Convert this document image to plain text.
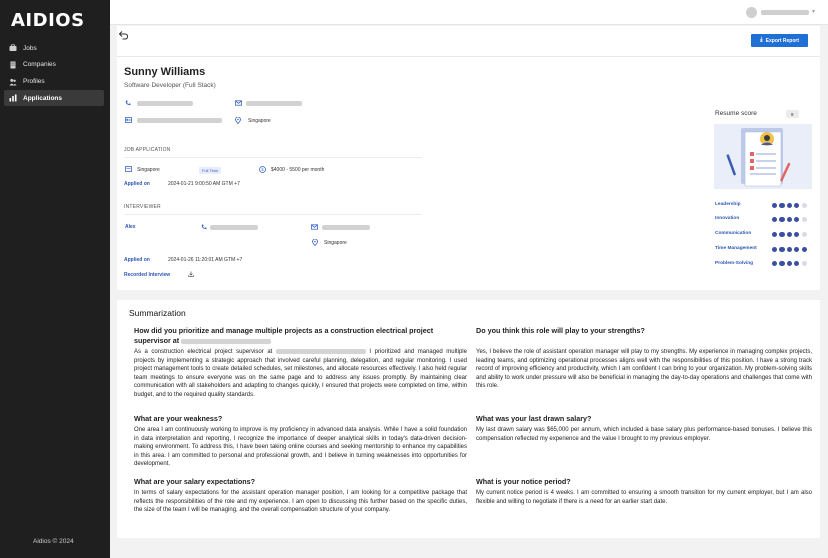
AIDIOS
Jobs
Companies
Profiles
Applications
Aidios © 2024
▼
⤓ Export Report
Sunny Williams
Software Developer (Full Stack)
Singapore
JOB APPLICATION
Singapore	Full Time	$ $4000 - 5500 per month
Applied on	2024-01-21 9:00:50 AM GTM +7
INTERVIEWER
Alex
Singapore
Applied on	2024-01-26 11:20:01 AM GTM +7
Recorded Interview
Resume score	9
Leadership
Innovation
Communication
Time Management
Problem-Solving
Summarization
How did you prioritize and manage multiple projects as a construction electrical project supervisor at
As a construction electrical project supervisor at	I prioritized and managed multiple projects by implementing a strategic approach that involved careful planning, delegation, and regular monitoring. I used project management tools to create detailed schedules, set milestones, and allocate resources effectively. I also held regular team meetings to ensure everyone was on the same page and to address any issues promptly. By maintaining clear communication with all stakeholders and adapting to changes quickly, I ensured that projects were completed on time, within budget, and to the required quality standards.
What are your weakness?
One area I am continuously working to improve is my proficiency in advanced data analysis. While I have a solid foundation in data interpretation and reporting, I recognize the importance of deeper analytical skills in today's data-driven decision-making environment. To address this, I have been taking online courses and seeking mentorship to enhance my capabilities in this area. I am committed to personal and professional growth, and I believe in turning weaknesses into opportunities for development.
What are your salary expectations?
In terms of salary expectations for the assistant operation manager position, I am looking for a competitive package that reflects the responsibilities of the role and my experience. I am open to discussing this further based on the specific duties, the size of the team I will be managing, and the overall compensation structure of your company.
Do you think this role will play to your strengths?
Yes, I believe the role of assistant operation manager will play to my strengths. My experience in managing complex projects, leading teams, and optimizing operational processes aligns well with the responsibilities of this position. I have a strong track record of improving efficiency and productivity, which I am confident I can bring to your organization. My problem-solving skills and ability to work under pressure will also be beneficial in managing the day-to-day operations and challenges that come with this role.
What was your last drawn salary?
My last drawn salary was $65,000 per annum, which included a base salary plus performance-based bonuses. I believe this compensation reflected my experience and the value I brought to my previous employer.
What is your notice period?
My current notice period is 4 weeks. I am committed to ensuring a smooth transition for my current employer, but I am also flexible and willing to negotiate if there is a need for an earlier start date.
